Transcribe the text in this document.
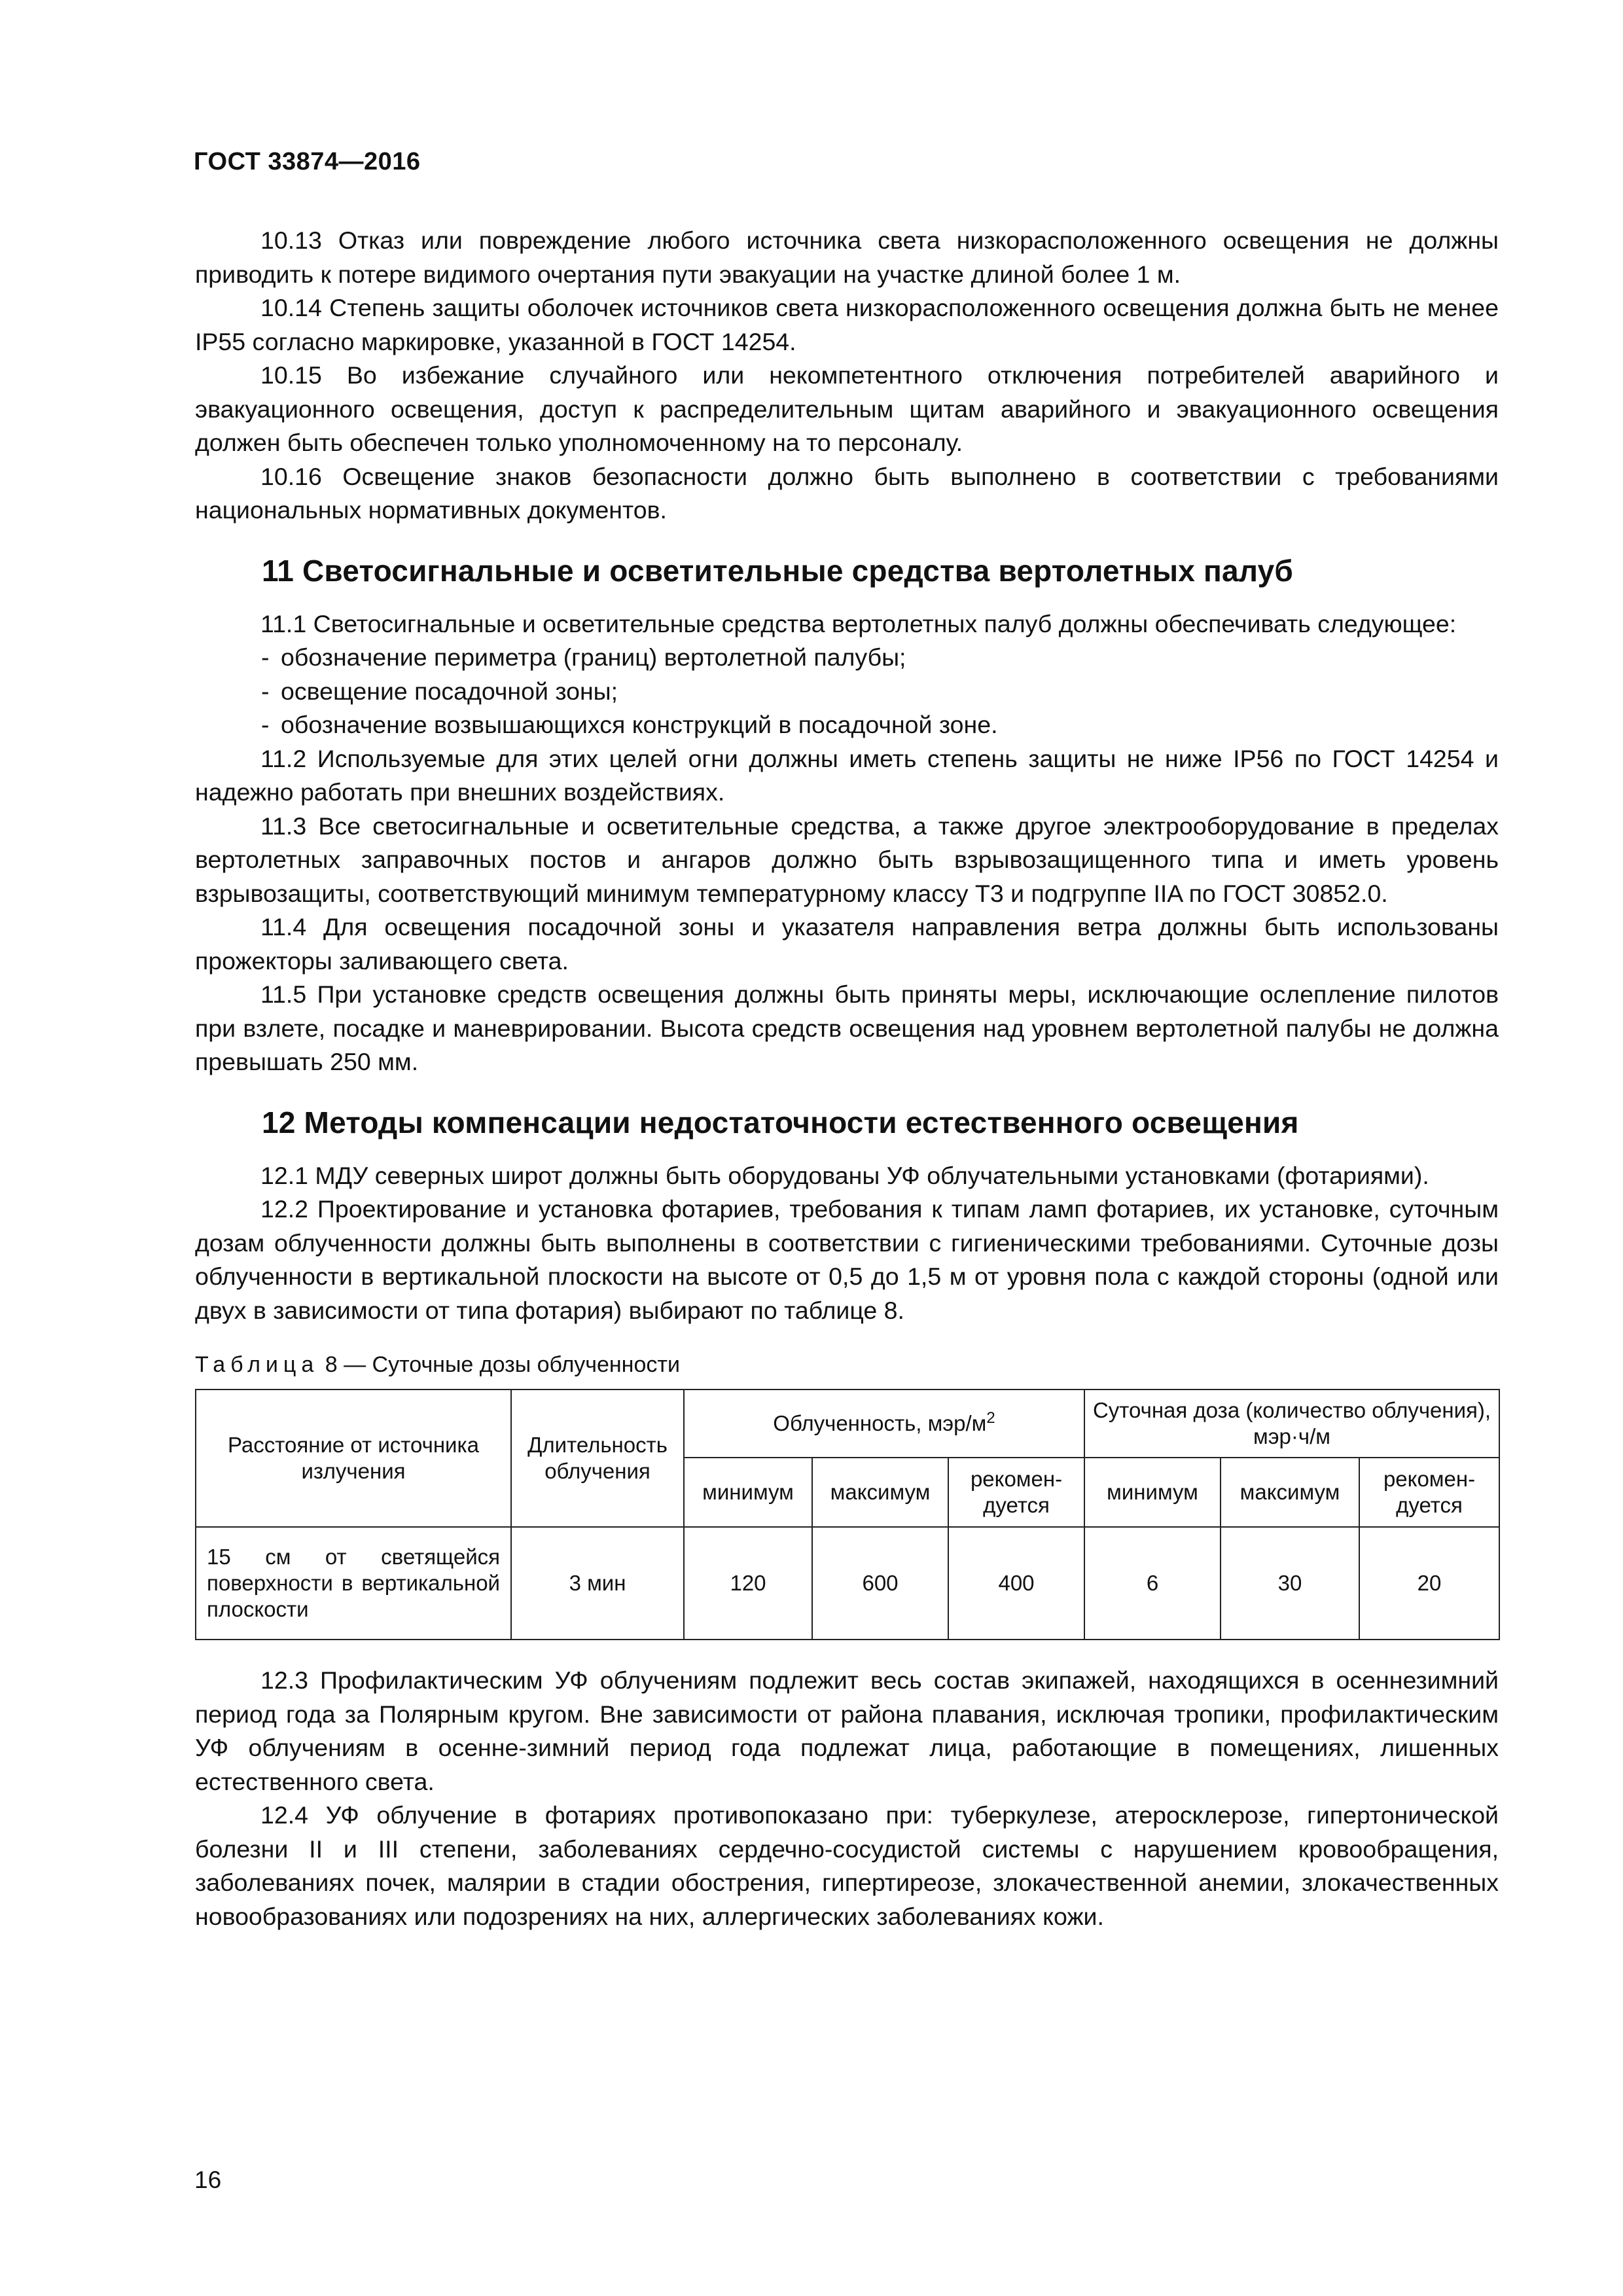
ГОСТ 33874—2016

10.13 Отказ или повреждение любого источника света низкорасположенного освещения не должны приводить к потере видимого очертания пути эвакуации на участке длиной более 1 м.

10.14 Степень защиты оболочек источников света низкорасположенного освещения должна быть не менее IP55 согласно маркировке, указанной в ГОСТ 14254.

10.15 Во избежание случайного или некомпетентного отключения потребителей аварийного и эвакуационного освещения, доступ к распределительным щитам аварийного и эвакуационного освещения должен быть обеспечен только уполномоченному на то персоналу.

10.16 Освещение знаков безопасности должно быть выполнено в соответствии с требованиями национальных нормативных документов.

11 Светосигнальные и осветительные средства вертолетных палуб

11.1 Светосигнальные и осветительные средства вертолетных палуб должны обеспечивать следующее:

- обозначение периметра (границ) вертолетной палубы;

- освещение посадочной зоны;

- обозначение возвышающихся конструкций в посадочной зоне.

11.2 Используемые для этих целей огни должны иметь степень защиты не ниже IP56 по ГОСТ 14254 и надежно работать при внешних воздействиях.

11.3 Все светосигнальные и осветительные средства, а также другое электрооборудование в пределах вертолетных заправочных постов и ангаров должно быть взрывозащищенного типа и иметь уровень взрывозащиты, соответствующий минимум температурному классу Т3 и подгруппе IIA по ГОСТ 30852.0.

11.4 Для освещения посадочной зоны и указателя направления ветра должны быть использованы прожекторы заливающего света.

11.5 При установке средств освещения должны быть приняты меры, исключающие ослепление пилотов при взлете, посадке и маневрировании. Высота средств освещения над уровнем вертолетной палубы не должна превышать 250 мм.

12 Методы компенсации недостаточности естественного освещения

12.1 МДУ северных широт должны быть оборудованы УФ облучательными установками (фотариями).

12.2 Проектирование и установка фотариев, требования к типам ламп фотариев, их установке, суточным дозам облученности должны быть выполнены в соответствии с гигиеническими требованиями. Суточные дозы облученности в вертикальной плоскости на высоте от 0,5 до 1,5 м от уровня пола с каждой стороны (одной или двух в зависимости от типа фотария) выбирают по таблице 8.

Таблица 8 — Суточные дозы облученности
Расстояние от источника излучения	Длительность облучения	Облученность, мэр/$м^2$			Суточная доза (количество облучения), мэр·ч/м		
		минимум	максимум	рекомен-дуется	минимум	максимум	рекомен-дуется
15 см от светящейся поверхности в вертикальной плоскости	3 мин	120	600	400	6	30	20

12.3 Профилактическим УФ облучениям подлежит весь состав экипажей, находящихся в осеннезимний период года за Полярным кругом. Вне зависимости от района плавания, исключая тропики, профилактическим УФ облучениям в осенне-зимний период года подлежат лица, работающие в помещениях, лишенных естественного света.

12.4 УФ облучение в фотариях противопоказано при: туберкулезе, атеросклерозе, гипертонической болезни II и III степени, заболеваниях сердечно-сосудистой системы с нарушением кровообращения, заболеваниях почек, малярии в стадии обострения, гипертиреозе, злокачественной анемии, злокачественных новообразованиях или подозрениях на них, аллергических заболеваниях кожи.

16
